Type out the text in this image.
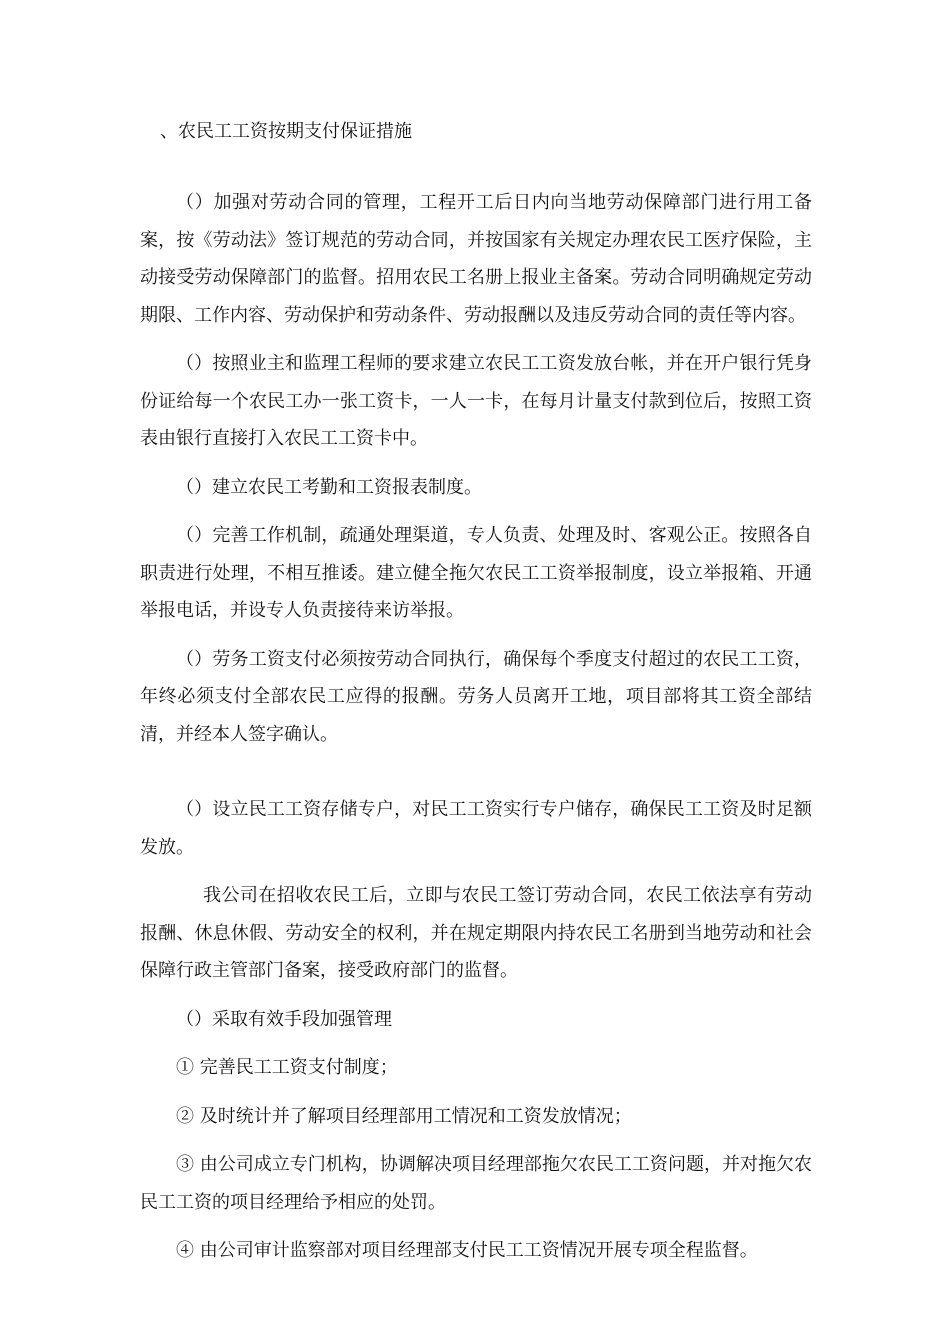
、农民工工资按期支付保证措施

（）加强对劳动合同的管理，工程开工后日内向当地劳动保障部门进行用工备案，按《劳动法》签订规范的劳动合同，并按国家有关规定办理农民工医疗保险，主动接受劳动保障部门的监督。招用农民工名册上报业主备案。劳动合同明确规定劳动期限、工作内容、劳动保护和劳动条件、劳动报酬以及违反劳动合同的责任等内容。

（）按照业主和监理工程师的要求建立农民工工资发放台帐，并在开户银行凭身份证给每一个农民工办一张工资卡，一人一卡，在每月计量支付款到位后，按照工资表由银行直接打入农民工工资卡中。

（）建立农民工考勤和工资报表制度。

（）完善工作机制，疏通处理渠道，专人负责、处理及时、客观公正。按照各自职责进行处理，不相互推诿。建立健全拖欠农民工工资举报制度，设立举报箱、开通举报电话，并设专人负责接待来访举报。

（）劳务工资支付必须按劳动合同执行，确保每个季度支付超过的农民工工资，年终必须支付全部农民工应得的报酬。劳务人员离开工地，项目部将其工资全部结清，并经本人签字确认。

（）设立民工工资存储专户，对民工工资实行专户储存，确保民工工资及时足额发放。

我公司在招收农民工后，立即与农民工签订劳动合同，农民工依法享有劳动报酬、休息休假、劳动安全的权利，并在规定期限内持农民工名册到当地劳动和社会保障行政主管部门备案，接受政府部门的监督。

（）采取有效手段加强管理

① 完善民工工资支付制度；

② 及时统计并了解项目经理部用工情况和工资发放情况；

③ 由公司成立专门机构，协调解决项目经理部拖欠农民工工资问题，并对拖欠农民工工资的项目经理给予相应的处罚。

④ 由公司审计监察部对项目经理部支付民工工资情况开展专项全程监督。
